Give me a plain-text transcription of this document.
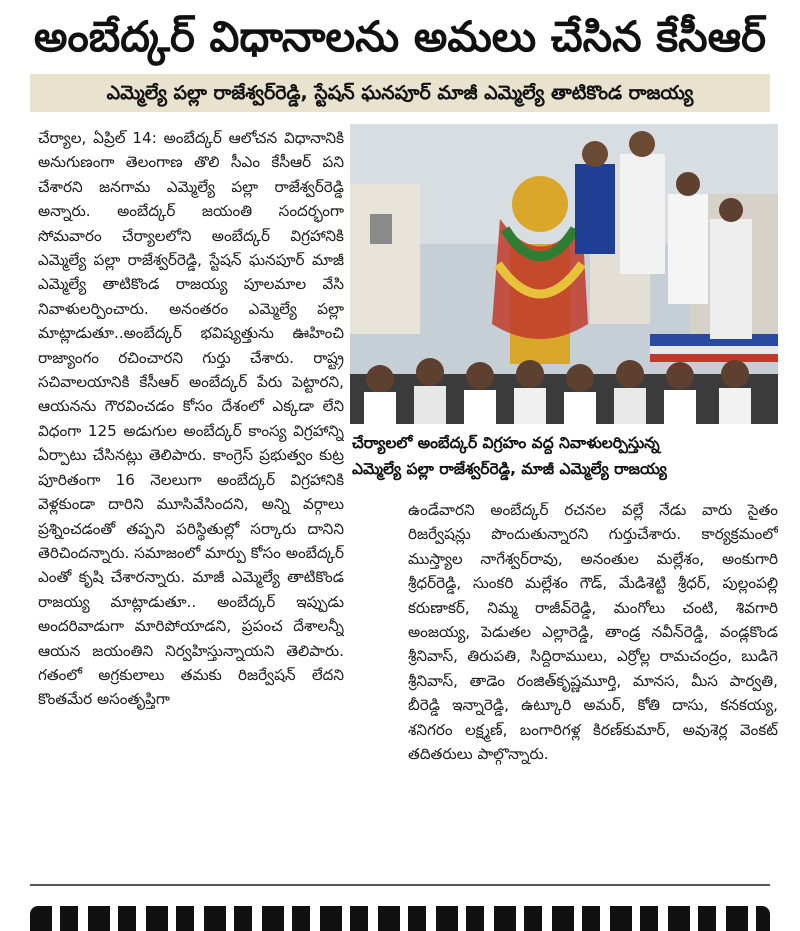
అంబేద్కర్ విధానాలను అమలు చేసిన కేసీఆర్
ఎమ్మెల్యే పల్లా రాజేశ్వర్‌రెడ్డి, స్టేషన్ ఘనపూర్ మాజీ ఎమ్మెల్యే తాటికొండ రాజయ్య

చేర్యాల, ఏప్రిల్ 14: అంబేద్కర్ ఆలోచన విధానానికి అనుగుణంగా తెలంగాణ తొలి సీఎం కేసీఆర్ పని చేశారని జనగామ ఎమ్మెల్యే పల్లా రాజేశ్వర్‌రెడ్డి అన్నారు. అంబేద్కర్ జయంతి సందర్భంగా సోమవారం చేర్యాలలోని అంబేద్కర్ విగ్రహానికి ఎమ్మెల్యే పల్లా రాజేశ్వర్‌రెడ్డి, స్టేషన్ ఘనపూర్ మాజీ ఎమ్మెల్యే తాటికొండ రాజయ్య పూలమాల వేసి నివాళులర్పించారు. అనంతరం ఎమ్మెల్యే పల్లా మాట్లాడుతూ..అంబేద్కర్ భవిష్యత్తును ఊహించి రాజ్యాంగం రచించారని గుర్తు చేశారు. రాష్ట్ర సచివాలయానికి కేసీఆర్ అంబేద్కర్ పేరు పెట్టారని, ఆయనను గౌరవించడం కోసం దేశంలో ఎక్కడా లేని విధంగా 125 అడుగుల అంబేద్కర్ కాంస్య విగ్రహాన్ని ఏర్పాటు చేసినట్లు తెలిపారు. కాంగ్రెస్ ప్రభుత్వం కుట్ర పూరితంగా 16 నెలలుగా అంబేద్కర్ విగ్రహానికి వెళ్లకుండా దారిని మూసివేసిందని, అన్ని వర్గాలు ప్రశ్నించడంతో తప్పని పరిస్థితుల్లో సర్కారు దానిని తెరిచిందన్నారు. సమాజంలో మార్పు కోసం అంబేద్కర్ ఎంతో కృషి చేశారన్నారు. మాజీ ఎమ్మెల్యే తాటికొండ రాజయ్య మాట్లాడుతూ.. అంబేద్కర్ ఇప్పుడు అందరివాడుగా మారిపోయాడని, ప్రపంచ దేశాలన్నీ ఆయన జయంతిని నిర్వహిస్తున్నాయని తెలిపారు. గతంలో అగ్రకులాలు తమకు రిజర్వేషన్ లేదని కొంతమేర అసంతృప్తిగా

చేర్యాలలో అంబేద్కర్ విగ్రహం వద్ద నివాళులర్పిస్తున్న
ఎమ్మెల్యే పల్లా రాజేశ్వర్‌రెడ్డి, మాజీ ఎమ్మెల్యే రాజయ్య

ఉండేవారని అంబేద్కర్ రచనల వల్లే నేడు వారు సైతం రిజర్వేషన్లు పొందుతున్నారని గుర్తుచేశారు. కార్యక్రమంలో ముస్త్యాల నాగేశ్వర్‌రావు, అనంతుల మల్లేశం, అంకుగారి శ్రీధర్‌రెడ్డి, సుంకరి మల్లేశం గౌడ్, మేడిశెట్టి శ్రీధర్, పుల్లంపల్లి కరుణాకర్, నిమ్మ రాజీవ్‌రెడ్డి, మంగోలు చంటి, శివగారి అంజయ్య, పెడుతల ఎల్లారెడ్డి, తాండ్ర నవీన్‌రెడ్డి, వండ్లకొండ శ్రీనివాస్, తిరుపతి, సిద్దిరాములు, ఎర్రోల్ల రామచంద్రం, బుడిగె శ్రీనివాస్, తాడెం రంజిత్‌కృష్ణమూర్తి, మానస, మీస పార్వతి, బీరెడ్డి ఇన్నారెడ్డి, ఉట్కూరి అమర్, కోతి దాసు, కనకయ్య, శనిగరం లక్ష్మణ్, బంగారిగళ్ల కిరణ్‌కుమార్, అవుశెర్ల వెంకట్ తదితరులు పాల్గొన్నారు.
